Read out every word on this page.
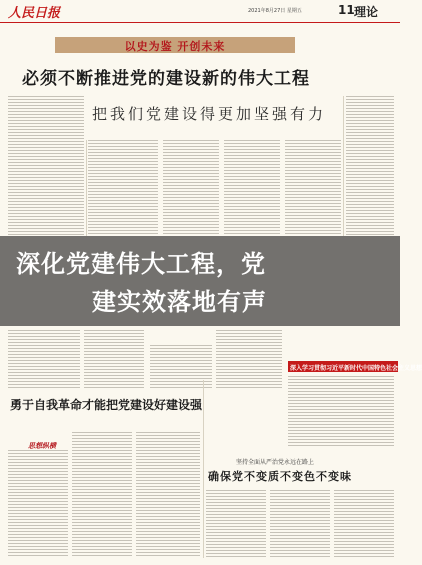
人民日报	2021年8月27日 星期五	11 理论
以史为鉴 开创未来
必须不断推进党的建设新的伟大工程
把我们党建设得更加坚强有力
深化党建伟大工程，党
建实效落地有声
深入学习贯彻习近平新时代中国特色社会主义思想
勇于自我革命才能把党建设好建设强
思想纵横
坚持全面从严治党永远在路上
确保党不变质不变色不变味
